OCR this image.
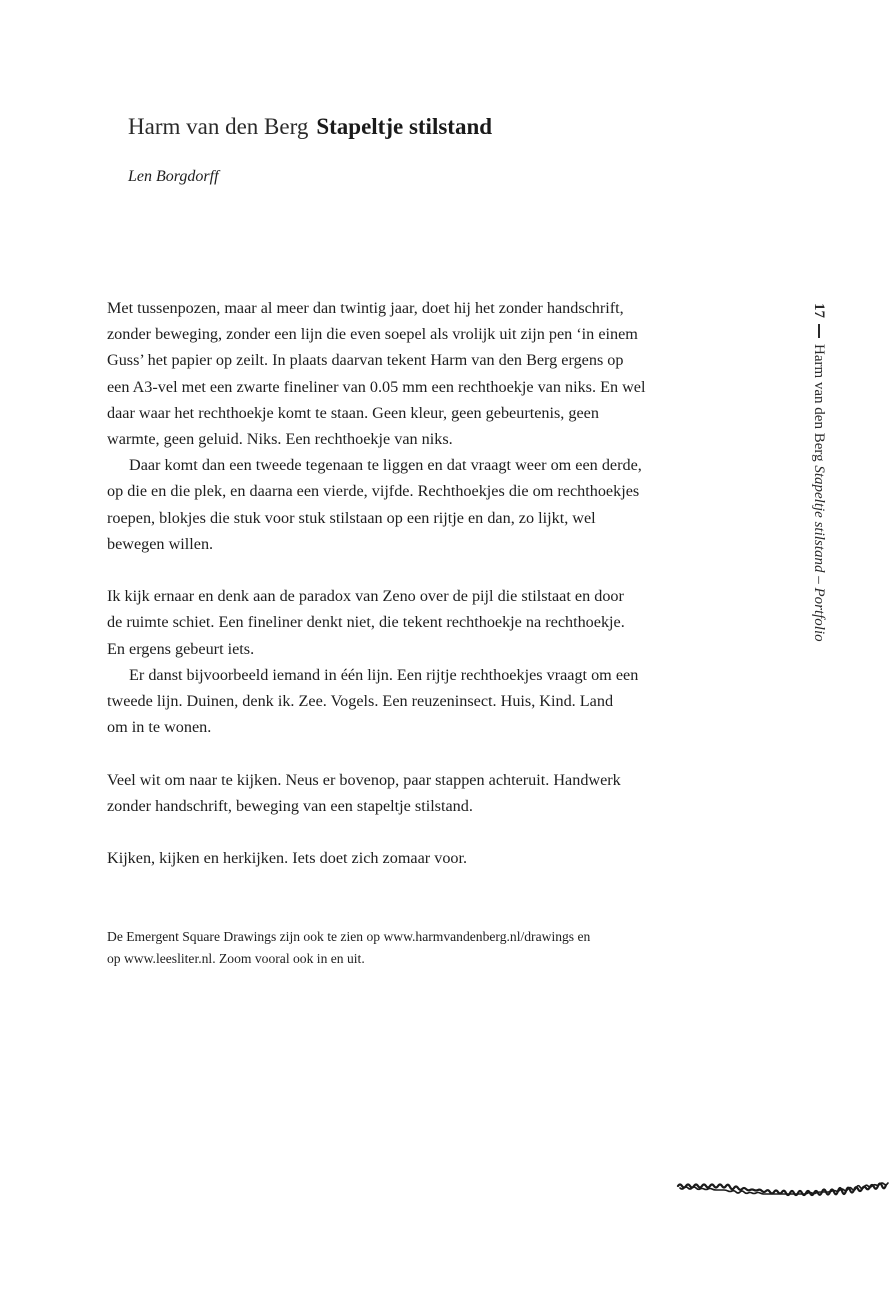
Harm van den Berg Stapeltje stilstand
Len Borgdorff

Met tussenpozen, maar al meer dan twintig jaar, doet hij het zonder handschrift,
zonder beweging, zonder een lijn die even soepel als vrolijk uit zijn pen ‘in einem
Guss’ het papier op zeilt. In plaats daarvan tekent Harm van den Berg ergens op
een A3-vel met een zwarte fineliner van 0.05 mm een rechthoekje van niks. En wel
daar waar het rechthoekje komt te staan. Geen kleur, geen gebeurtenis, geen
warmte, geen geluid. Niks. Een rechthoekje van niks.

Daar komt dan een tweede tegenaan te liggen en dat vraagt weer om een derde,
op die en die plek, en daarna een vierde, vijfde. Rechthoekjes die om rechthoekjes
roepen, blokjes die stuk voor stuk stilstaan op een rijtje en dan, zo lijkt, wel
bewegen willen.

Ik kijk ernaar en denk aan de paradox van Zeno over de pijl die stilstaat en door
de ruimte schiet. Een fineliner denkt niet, die tekent rechthoekje na rechthoekje.
En ergens gebeurt iets.

Er danst bijvoorbeeld iemand in één lijn. Een rijtje rechthoekjes vraagt om een
tweede lijn. Duinen, denk ik. Zee. Vogels. Een reuzeninsect. Huis, Kind. Land
om in te wonen.

Veel wit om naar te kijken. Neus er bovenop, paar stappen achteruit. Handwerk
zonder handschrift, beweging van een stapeltje stilstand.

Kijken, kijken en herkijken. Iets doet zich zomaar voor.

De Emergent Square Drawings zijn ook te zien op www.harmvandenberg.nl/drawings en
op www.leesliter.nl. Zoom vooral ook in en uit.
17Harm van den Berg Stapeltje stilstand – Portfolio
